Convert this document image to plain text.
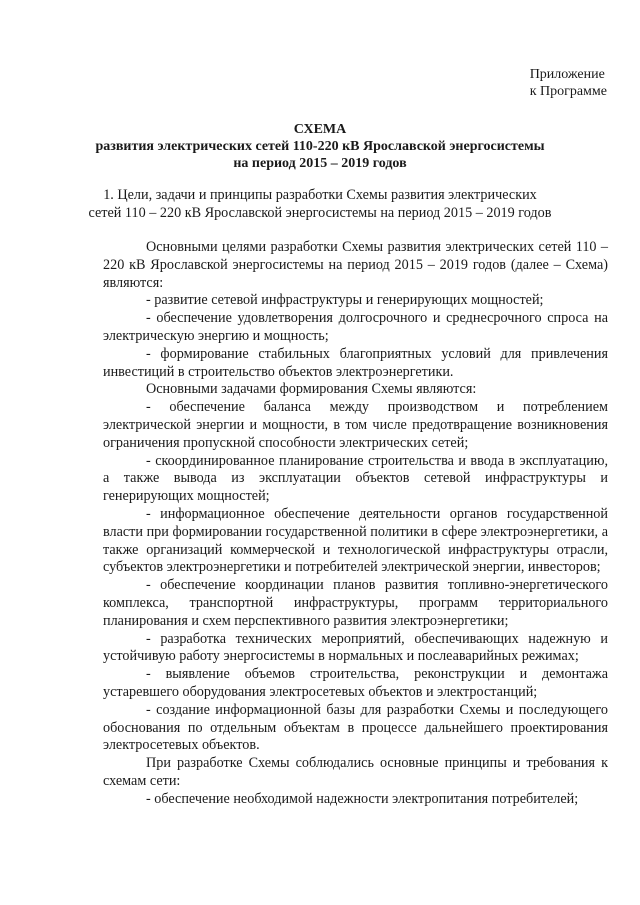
Приложение
к Программе
СХЕМА
развития электрических сетей 110-220 кВ Ярославской энергосистемы
на период 2015 – 2019 годов
1. Цели, задачи и принципы разработки Схемы развития электрических
сетей 110 – 220 кВ Ярославской энергосистемы на период 2015 – 2019 годов
Основными целями разработки Схемы развития электрических сетей 110 – 220 кВ Ярославской энергосистемы на период 2015 – 2019 годов (далее – Схема) являются:
- развитие сетевой инфраструктуры и генерирующих мощностей;
- обеспечение удовлетворения долгосрочного и среднесрочного спроса на электрическую энергию и мощность;
- формирование стабильных благоприятных условий для привлечения инвестиций в строительство объектов электроэнергетики.
Основными задачами формирования Схемы являются:
- обеспечение баланса между производством и потреблением электрической энергии и мощности, в том числе предотвращение возникновения ограничения пропускной способности электрических сетей;
- скоординированное планирование строительства и ввода в эксплуатацию, а также вывода из эксплуатации объектов сетевой инфраструктуры и генерирующих мощностей;
- информационное обеспечение деятельности органов государственной власти при формировании государственной политики в сфере электроэнергетики, а также организаций коммерческой и технологической инфраструктуры отрасли, субъектов электроэнергетики и потребителей электрической энергии, инвесторов;
- обеспечение координации планов развития топливно-энергетического комплекса, транспортной инфраструктуры, программ территориального планирования и схем перспективного развития электроэнергетики;
- разработка технических мероприятий, обеспечивающих надежную и устойчивую работу энергосистемы в нормальных и послеаварийных режимах;
- выявление объемов строительства, реконструкции и демонтажа устаревшего оборудования электросетевых объектов и электростанций;
- создание информационной базы для разработки Схемы и последующего обоснования по отдельным объектам в процессе дальнейшего проектирования электросетевых объектов.
При разработке Схемы соблюдались основные принципы и требования к схемам сети:
- обеспечение необходимой надежности электропитания потребителей;
